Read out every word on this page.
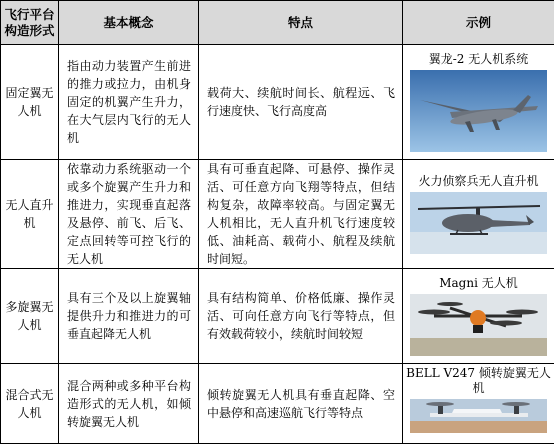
飞行平台构造形式	基本概念	特点	示例
固定翼无人机	指由动力装置产生前进的推力或拉力，由机身固定的机翼产生升力，在大气层内飞行的无人机	载荷大、续航时间长、航程远、飞行速度快、飞行高度高	翼龙-2 无人机系统

无人直升机	依靠动力系统驱动一个或多个旋翼产生升力和推进力，实现垂直起落及悬停、前飞、后飞、定点回转等可控飞行的无人机	具有可垂直起降、可悬停、操作灵活、可任意方向飞翔等特点，但结构复杂，故障率较高。与固定翼无人机相比，无人直升机飞行速度较低、油耗高、载荷小、航程及续航时间短。	火力侦察兵无人直升机

多旋翼无人机	具有三个及以上旋翼轴提供升力和推进力的可垂直起降无人机	具有结构简单、价格低廉、操作灵活、可向任意方向飞行等特点，但有效载荷较小，续航时间较短	Magni 无人机

混合式无人机	混合两种或多种平台构造形式的无人机，如倾转旋翼无人机	倾转旋翼无人机具有垂直起降、空中悬停和高速巡航飞行等特点	BELL V247 倾转旋翼无人机
